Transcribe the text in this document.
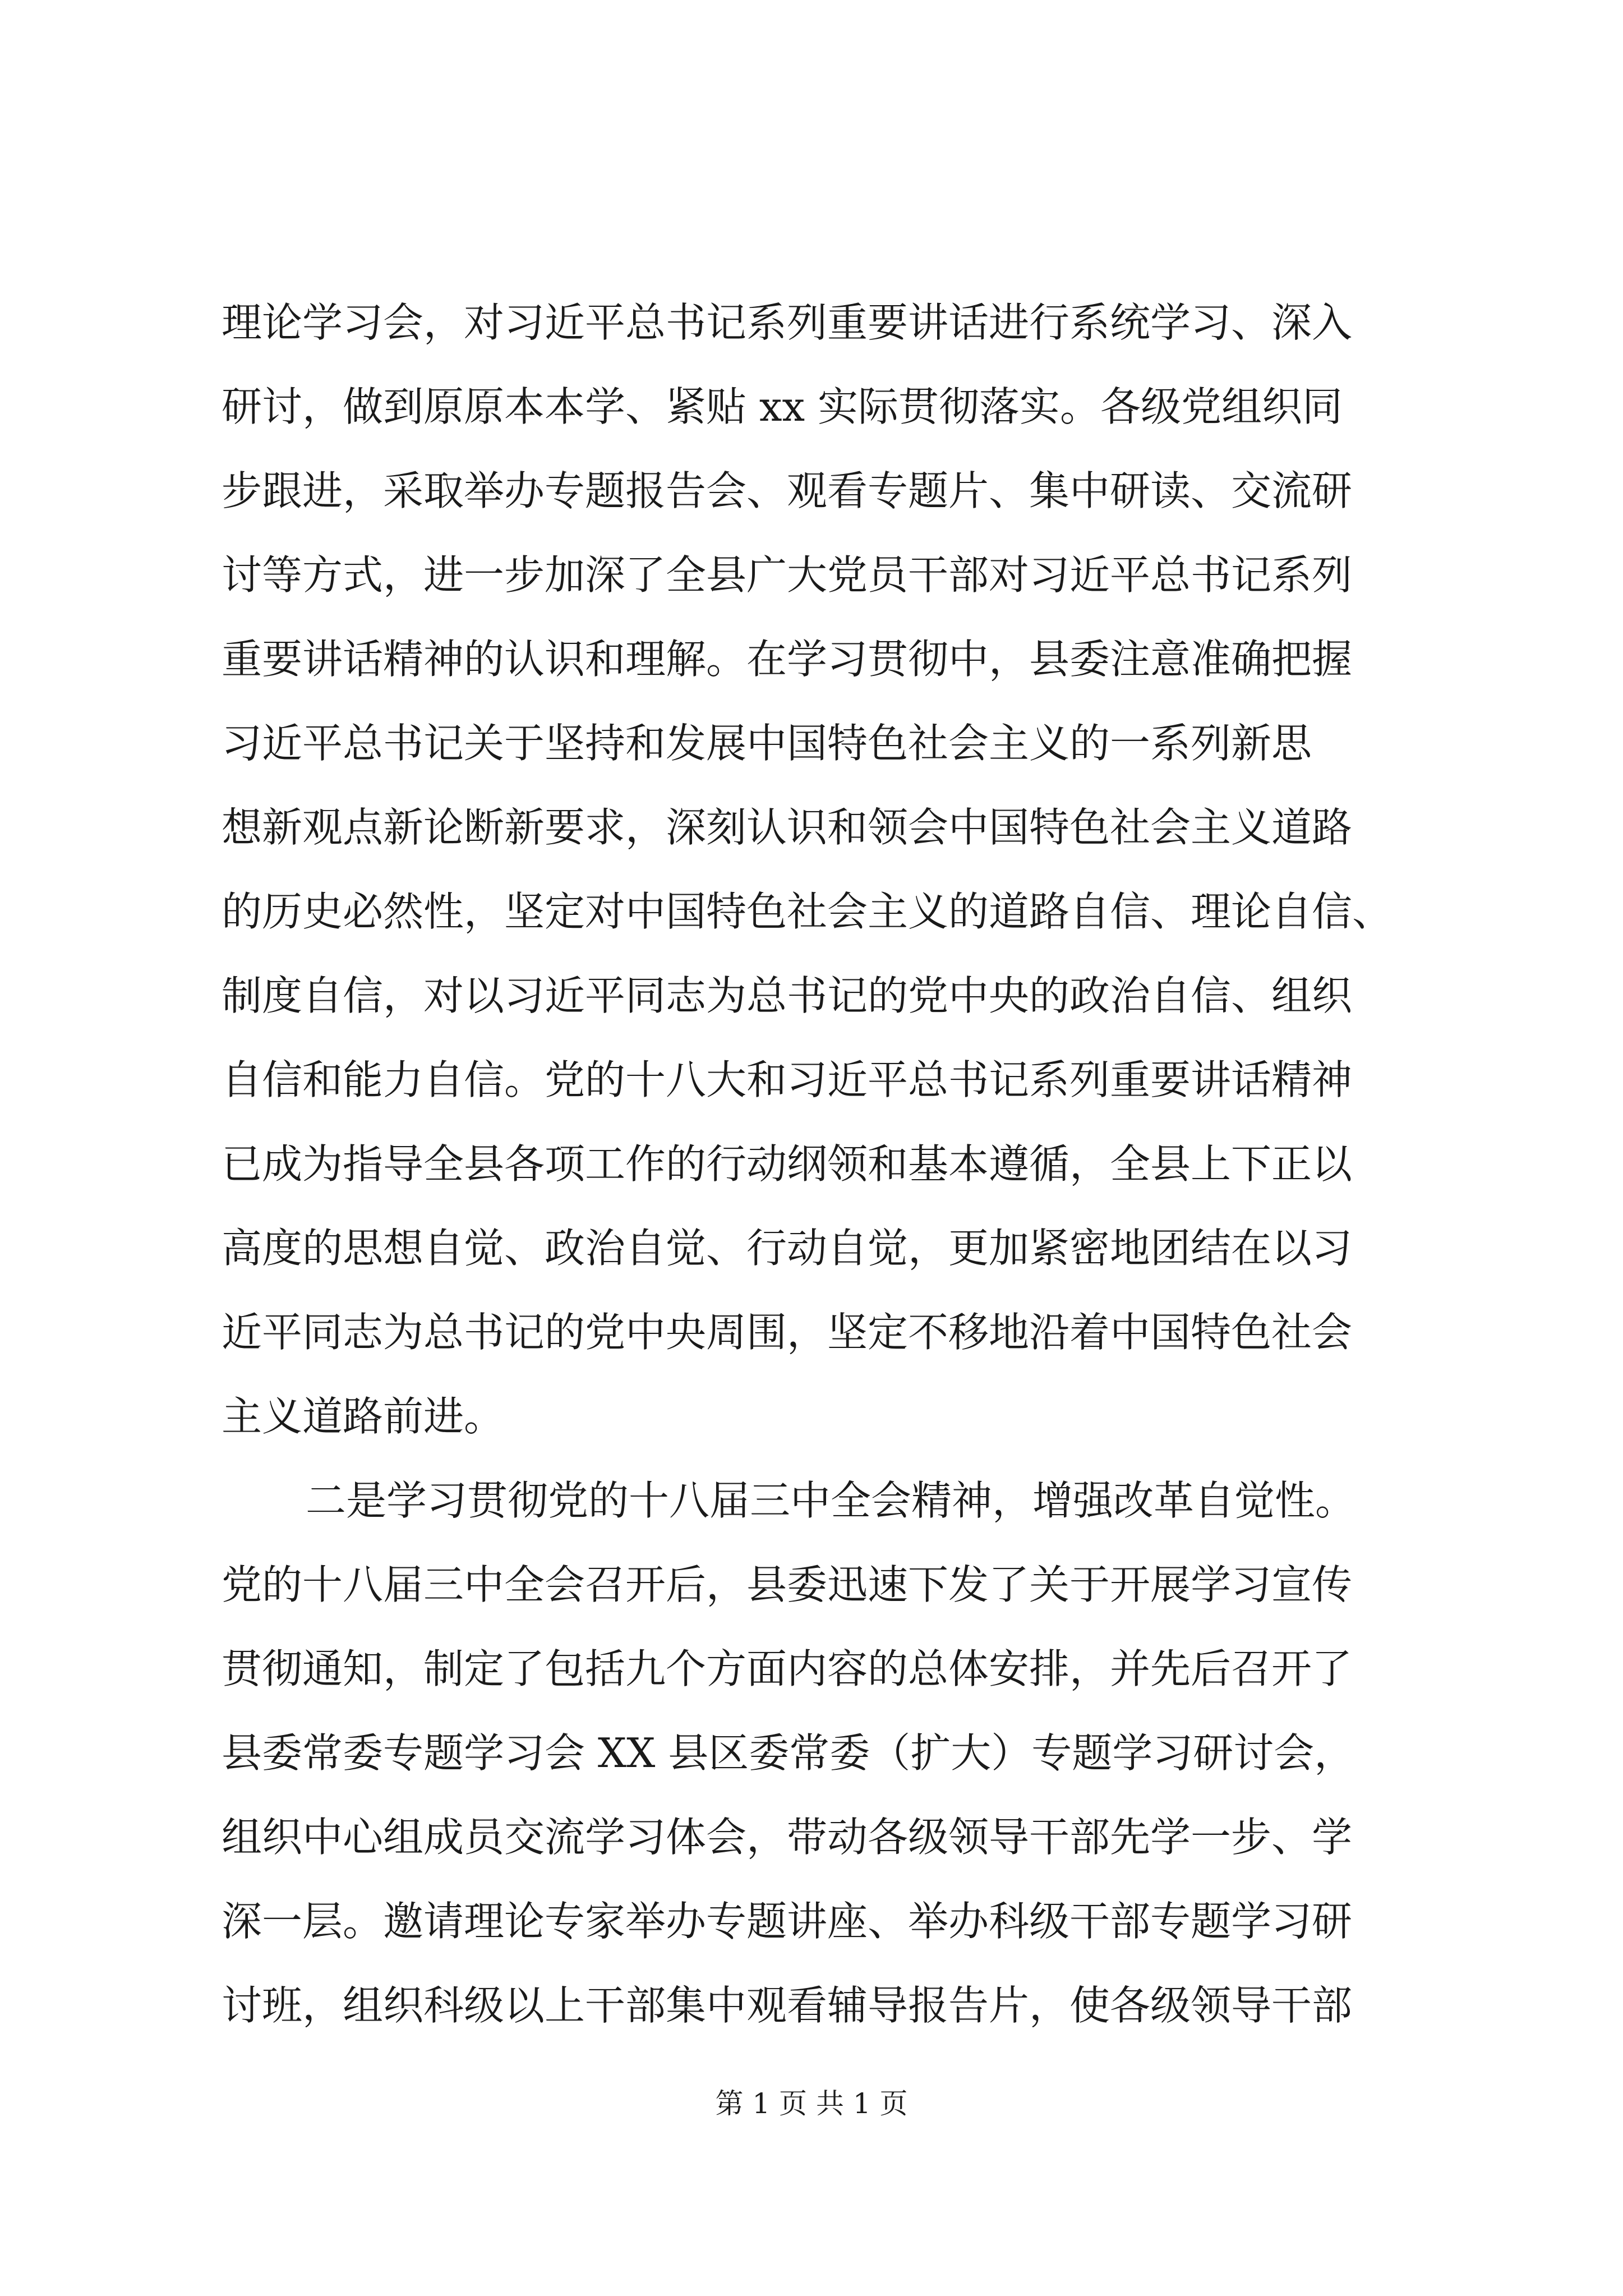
理论学习会，对习近平总书记系列重要讲话进行系统学习、深入
研讨，做到原原本本学、紧贴 xx 实际贯彻落实。各级党组织同
步跟进，采取举办专题报告会、观看专题片、集中研读、交流研
讨等方式，进一步加深了全县广大党员干部对习近平总书记系列
重要讲话精神的认识和理解。在学习贯彻中，县委注意准确把握
习近平总书记关于坚持和发展中国特色社会主义的一系列新思
想新观点新论断新要求，深刻认识和领会中国特色社会主义道路
的历史必然性，坚定对中国特色社会主义的道路自信、理论自信、
制度自信，对以习近平同志为总书记的党中央的政治自信、组织
自信和能力自信。党的十八大和习近平总书记系列重要讲话精神
已成为指导全县各项工作的行动纲领和基本遵循，全县上下正以
高度的思想自觉、政治自觉、行动自觉，更加紧密地团结在以习
近平同志为总书记的党中央周围，坚定不移地沿着中国特色社会
主义道路前进。
二是学习贯彻党的十八届三中全会精神，增强改革自觉性。
党的十八届三中全会召开后，县委迅速下发了关于开展学习宣传
贯彻通知，制定了包括九个方面内容的总体安排，并先后召开了
县委常委专题学习会 XX 县区委常委（扩大）专题学习研讨会，
组织中心组成员交流学习体会，带动各级领导干部先学一步、学
深一层。邀请理论专家举办专题讲座、举办科级干部专题学习研
讨班，组织科级以上干部集中观看辅导报告片，使各级领导干部
第 1 页 共 1 页
